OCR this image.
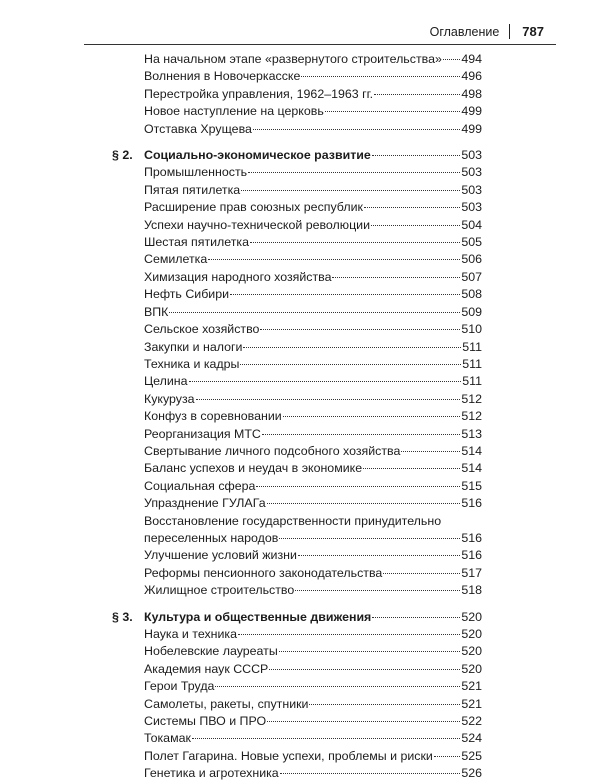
Оглавление 787
На начальном этапе «развернутого строительства» 494
Волнения в Новочеркасске	496
Перестройка управления, 1962–1963 гг.	498
Новое наступление на церковь	499
Отставка Хрущева	499
§ 2. Социально-экономическое развитие	503
Промышленность	503
Пятая пятилетка	503
Расширение прав союзных республик	503
Успехи научно-технической революции	504
Шестая пятилетка	505
Семилетка	506
Химизация народного хозяйства	507
Нефть Сибири	508
ВПК	509
Сельское хозяйство	510
Закупки и налоги	511
Техника и кадры	511
Целина	511
Кукуруза	512
Конфуз в соревновании	512
Реорганизация МТС	513
Свертывание личного подсобного хозяйства	514
Баланс успехов и неудач в экономике	514
Социальная сфера	515
Упразднение ГУЛАГа	516
Восстановление государственности принудительно
переселенных народов	516
Улучшение условий жизни	516
Реформы пенсионного законодательства	517
Жилищное строительство	518
§ 3. Культура и общественные движения	520
Наука и техника	520
Нобелевские лауреаты	520
Академия наук СССР	520
Герои Труда	521
Самолеты, ракеты, спутники	521
Системы ПВО и ПРО	522
Токамак	524
Полет Гагарина. Новые успехи, проблемы и риски 525
Генетика и агротехника	526
